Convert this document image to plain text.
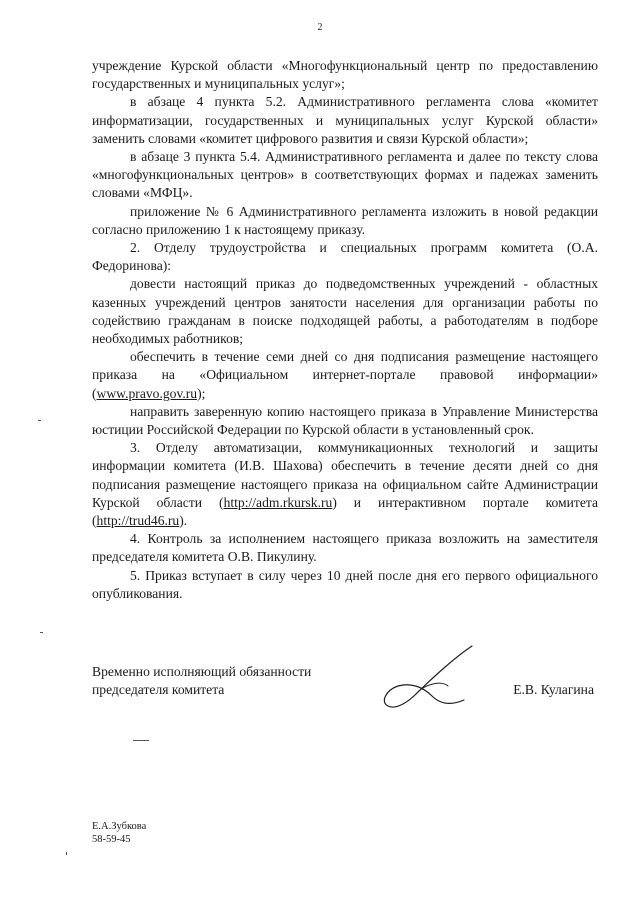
2

учреждение Курской области «Многофункциональный центр по предоставлению государственных и муниципальных услуг»;

в абзаце 4 пункта 5.2. Административного регламента слова «комитет информатизации, государственных и муниципальных услуг Курской области» заменить словами «комитет цифрового развития и связи Курской области»;

в абзаце 3 пункта 5.4. Административного регламента и далее по тексту слова «многофункциональных центров» в соответствующих формах и падежах заменить словами «МФЦ».

приложение № 6 Административного регламента изложить в новой редакции согласно приложению 1 к настоящему приказу.

2. Отделу трудоустройства и специальных программ комитета (О.А. Федоринова):

довести настоящий приказ до подведомственных учреждений - областных казенных учреждений центров занятости населения для организации работы по содействию гражданам в поиске подходящей работы, а работодателям в подборе необходимых работников;

обеспечить в течение семи дней со дня подписания размещение настоящего приказа на «Официальном интернет-портале правовой информации» (www.pravo.gov.ru);

направить заверенную копию настоящего приказа в Управление Министерства юстиции Российской Федерации по Курской области в установленный срок.

3. Отделу автоматизации, коммуникационных технологий и защиты информации комитета (И.В. Шахова) обеспечить в течение десяти дней со дня подписания размещение настоящего приказа на официальном сайте Администрации Курской области (http://adm.rkursk.ru) и интерактивном портале комитета (http://trud46.ru).

4. Контроль за исполнением настоящего приказа возложить на заместителя председателя комитета О.В. Пикулину.

5. Приказ вступает в силу через 10 дней после дня его первого официального опубликования.

Временно исполняющий обязанности
председателя комитета	Е.В. Кулагина
Е.А.Зубкова
58-59-45
